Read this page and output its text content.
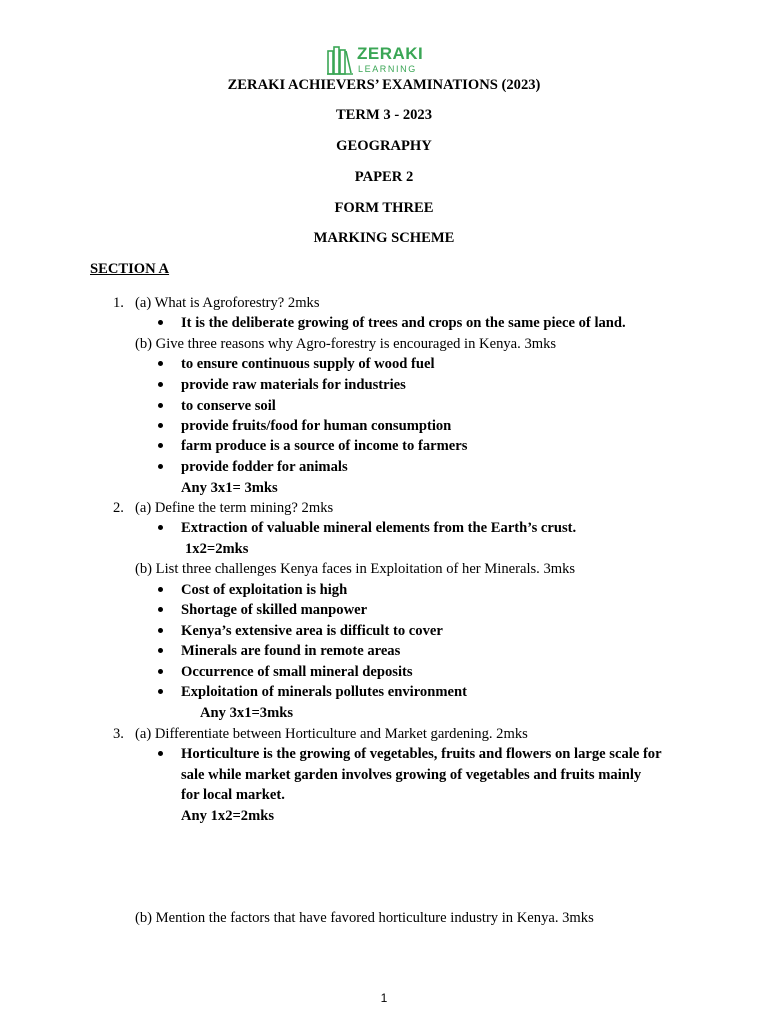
ZERAKI
LEARNING
ZERAKI ACHIEVERS’ EXAMINATIONS (2023)
TERM 3 - 2023
GEOGRAPHY
PAPER 2
FORM THREE
MARKING SCHEME
SECTION A
1. (a) What is Agroforestry? 2mks
It is the deliberate growing of trees and crops on the same piece of land.
(b) Give three reasons why Agro-forestry is encouraged in Kenya. 3mks
to ensure continuous supply of wood fuel
provide raw materials for industries
to conserve soil
provide fruits/food for human consumption
farm produce is a source of income to farmers
provide fodder for animals
Any 3x1= 3mks
2. (a) Define the term mining? 2mks
Extraction of valuable mineral elements from the Earth’s crust.
1x2=2mks
(b) List three challenges Kenya faces in Exploitation of her Minerals. 3mks
Cost of exploitation is high
Shortage of skilled manpower
Kenya’s extensive area is difficult to cover
Minerals are found in remote areas
Occurrence of small mineral deposits
Exploitation of minerals pollutes environment
Any 3x1=3mks
3. (a) Differentiate between Horticulture and Market gardening. 2mks
Horticulture is the growing of vegetables, fruits and flowers on large scale for
sale while market garden involves growing of vegetables and fruits mainly
for local market.
Any 1x2=2mks
(b) Mention the factors that have favored horticulture industry in Kenya. 3mks
1
